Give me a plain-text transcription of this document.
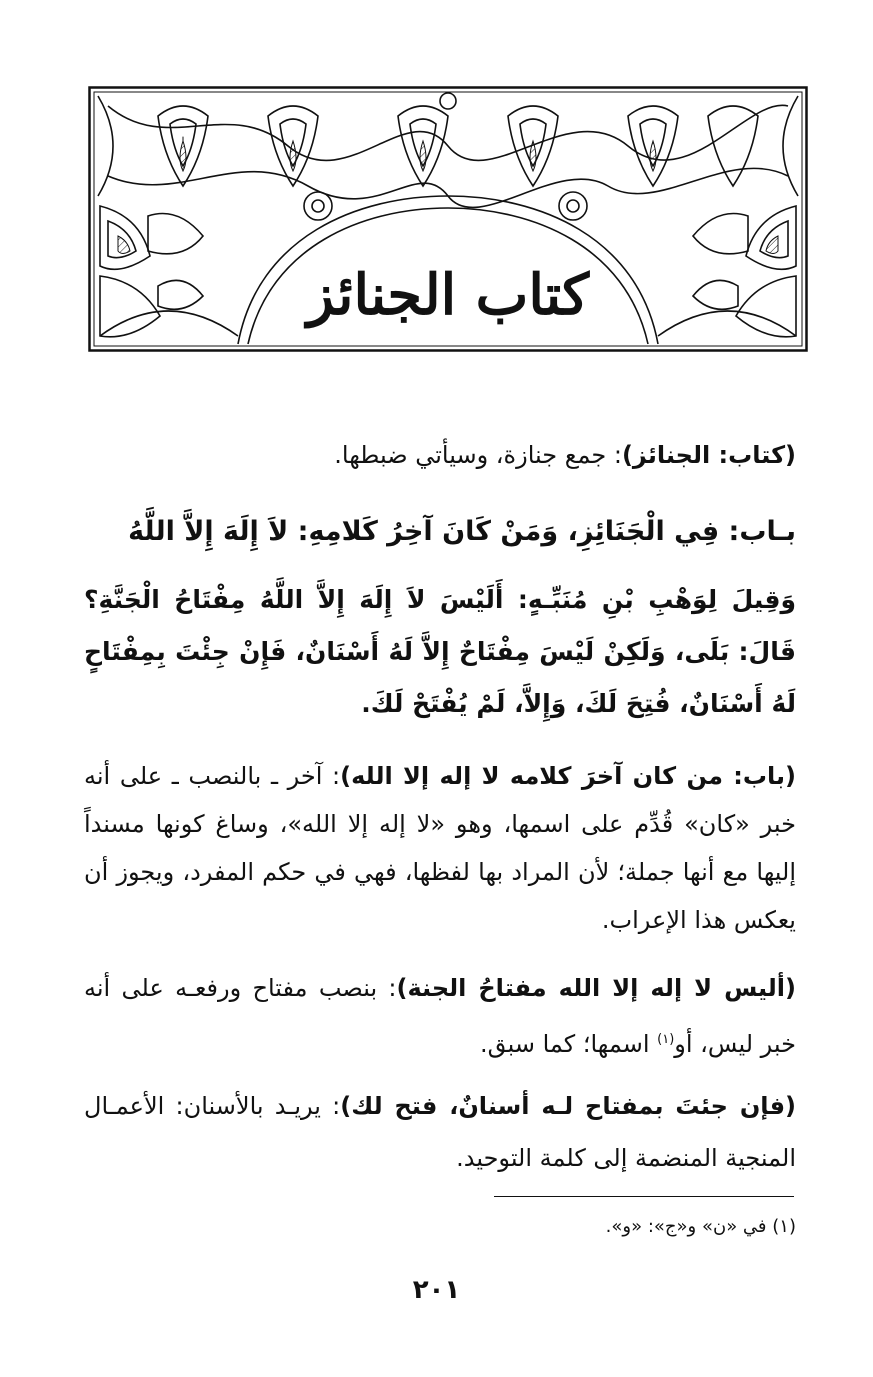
كتاب الجنائز

(كتاب: الجنائز): جمع جنازة، وسيأتي ضبطها.

بـاب: فِي الْجَنَائِزِ، وَمَنْ كَانَ آخِرُ كَلامِهِ: لاَ إِلَهَ إِلاَّ اللَّهُ

وَقِيلَ لِوَهْبِ بْنِ مُنَبِّـهٍ: أَلَيْسَ لاَ إِلَهَ إِلاَّ اللَّهُ مِفْتَاحُ الْجَنَّةِ؟ قَالَ: بَلَى، وَلَكِنْ لَيْسَ مِفْتَاحٌ إِلاَّ لَهُ أَسْنَانٌ، فَإِنْ جِئْتَ بِمِفْتَاحٍ لَهُ أَسْنَانٌ، فُتِحَ لَكَ، وَإِلاَّ، لَمْ يُفْتَحْ لَكَ.

(باب: من كان آخرَ كلامه لا إله إلا الله): آخر ـ بالنصب ـ على أنه خبر «كان» قُدِّم على اسمها، وهو «لا إله إلا الله»، وساغ كونها مسنداً إليها مع أنها جملة؛ لأن المراد بها لفظها، فهي في حكم المفرد، ويجوز أن يعكس هذا الإعراب.

(أليس لا إله إلا الله مفتاحُ الجنة): بنصب مفتاح ورفعـه على أنه خبر ليس، أو$^{(١)}$ اسمها؛ كما سبق.

(فإن جئتَ بمفتاح لـه أسنانٌ، فتح لك): يريـد بالأسنان: الأعمـال المنجية المنضمة إلى كلمة التوحيد.

(١) في «ن» و«ج»: «و».
٢٠١
